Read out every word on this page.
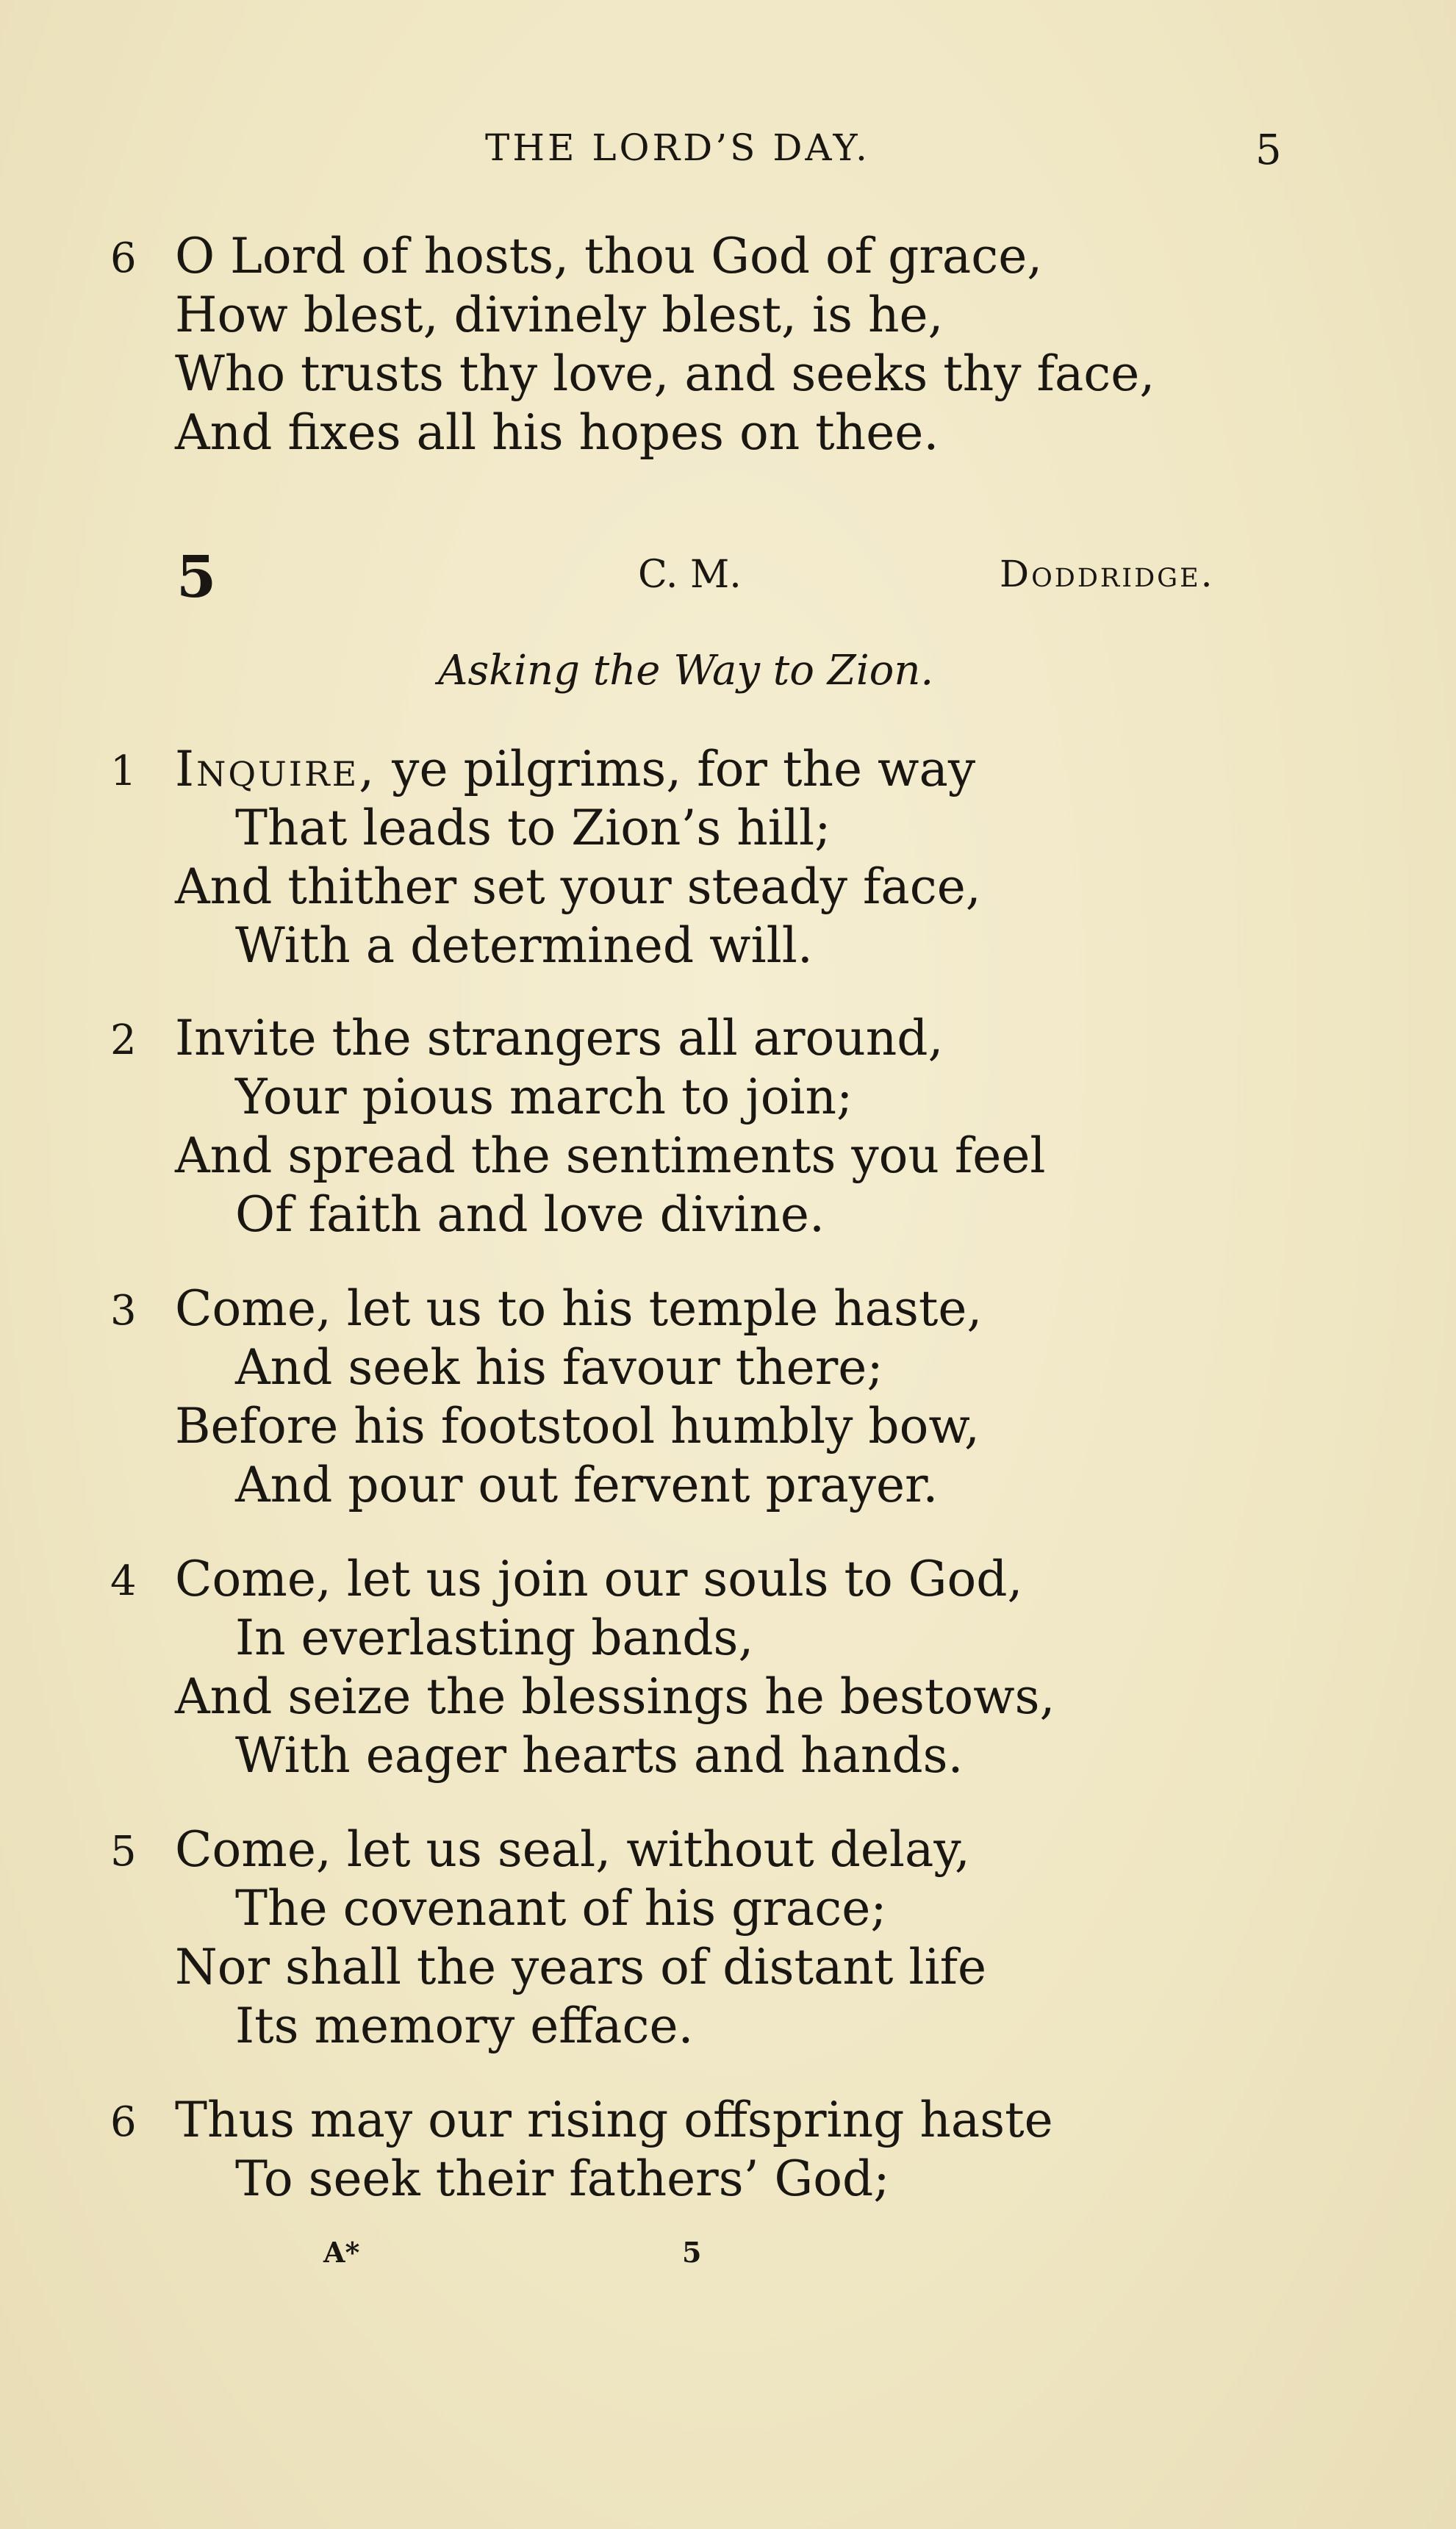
THE LORD’S DAY.	5
6 O Lord of hosts, thou God of grace,
How blest, divinely blest, is he,
Who trusts thy love, and seeks thy face,
And fixes all his hopes on thee.
5	C. M.	Doddridge.
Asking the Way to Zion.
1 Inquire, ye pilgrims, for the way
That leads to Zion’s hill;
And thither set your steady face,
With a determined will.
2 Invite the strangers all around,
Your pious march to join;
And spread the sentiments you feel
Of faith and love divine.
3 Come, let us to his temple haste,
And seek his favour there;
Before his footstool humbly bow,
And pour out fervent prayer.
4 Come, let us join our souls to God,
In everlasting bands,
And seize the blessings he bestows,
With eager hearts and hands.
5 Come, let us seal, without delay,
The covenant of his grace;
Nor shall the years of distant life
Its memory efface.
6 Thus may our rising offspring haste
To seek their fathers’ God;
A*	5
